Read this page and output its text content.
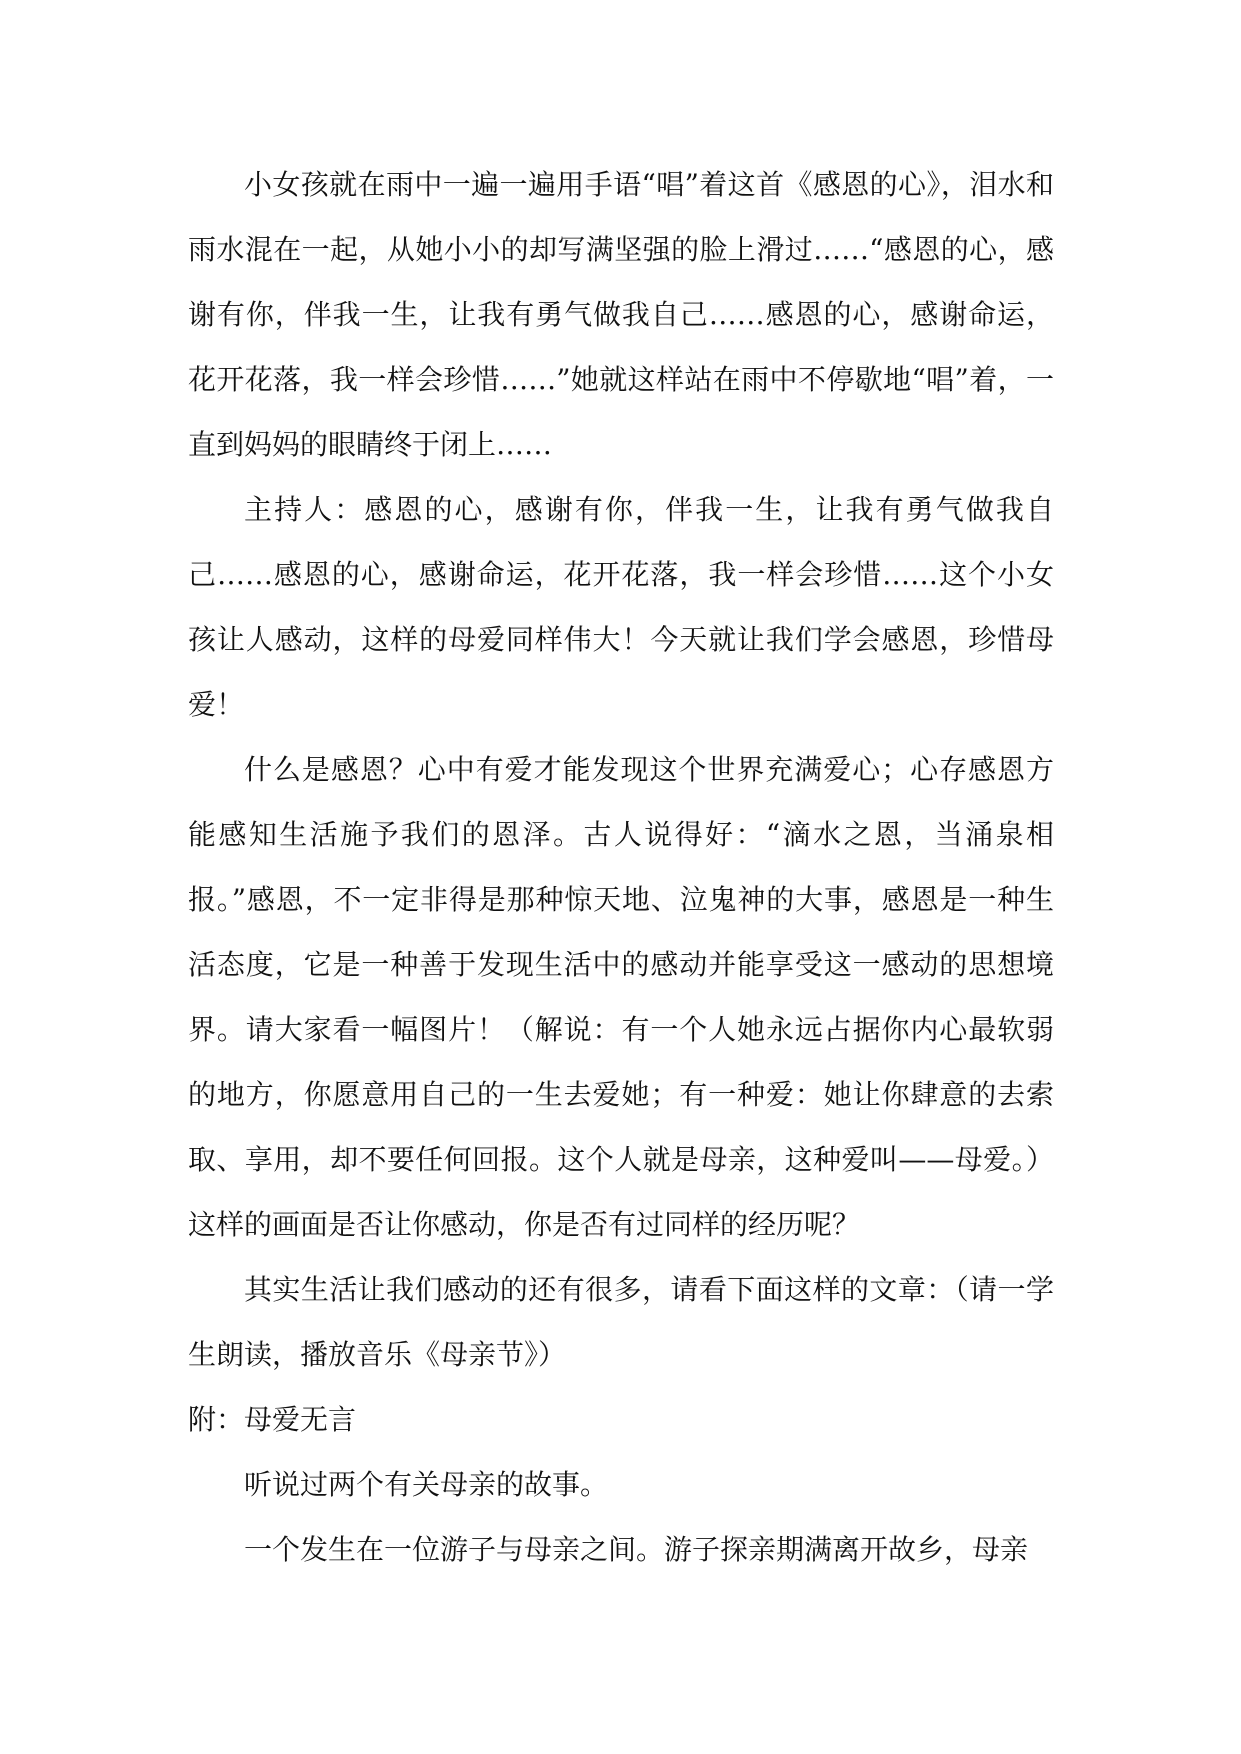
小女孩就在雨中一遍一遍用手语“唱”着这首《感恩的心》，泪水和雨水混在一起，从她小小的却写满坚强的脸上滑过……“感恩的心，感谢有你，伴我一生，让我有勇气做我自己……感恩的心，感谢命运，花开花落，我一样会珍惜……”她就这样站在雨中不停歇地“唱”着，一直到妈妈的眼睛终于闭上……

主持人：感恩的心，感谢有你，伴我一生，让我有勇气做我自己……感恩的心，感谢命运，花开花落，我一样会珍惜……这个小女孩让人感动，这样的母爱同样伟大！今天就让我们学会感恩，珍惜母爱！

什么是感恩？心中有爱才能发现这个世界充满爱心；心存感恩方能感知生活施予我们的恩泽。古人说得好：“滴水之恩，当涌泉相报。”感恩，不一定非得是那种惊天地、泣鬼神的大事，感恩是一种生活态度，它是一种善于发现生活中的感动并能享受这一感动的思想境界。请大家看一幅图片！（解说：有一个人她永远占据你内心最软弱的地方，你愿意用自己的一生去爱她；有一种爱：她让你肆意的去索取、享用，却不要任何回报。这个人就是母亲，这种爱叫——母爱。）这样的画面是否让你感动，你是否有过同样的经历呢？

其实生活让我们感动的还有很多，请看下面这样的文章：（请一学生朗读，播放音乐《母亲节》）

附：母爱无言

听说过两个有关母亲的故事。

一个发生在一位游子与母亲之间。游子探亲期满离开故乡，母亲
